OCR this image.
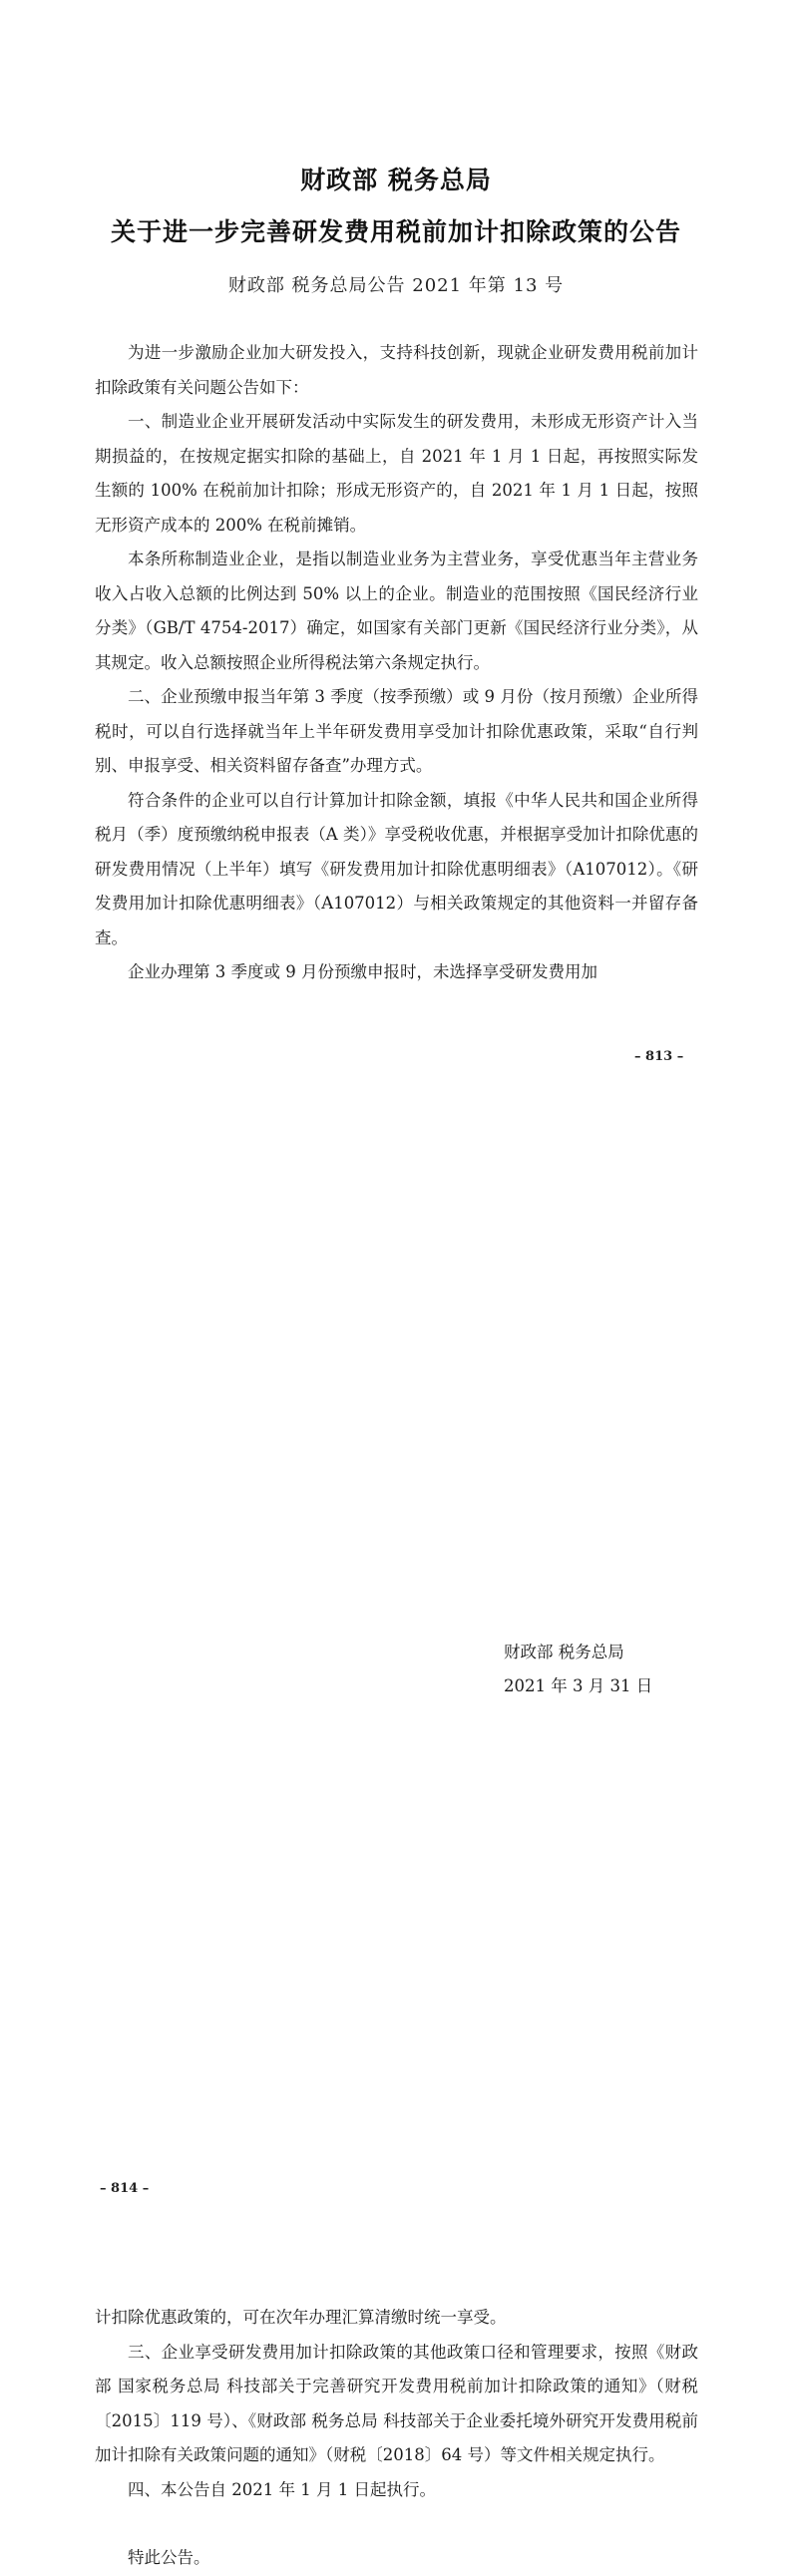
财政部 税务总局
关于进一步完善研发费用税前加计扣除政策的公告
财政部 税务总局公告 2021 年第 13 号

为进一步激励企业加大研发投入，支持科技创新，现就企业研发费用税前加计扣除政策有关问题公告如下：

一、制造业企业开展研发活动中实际发生的研发费用，未形成无形资产计入当期损益的，在按规定据实扣除的基础上，自 2021 年 1 月 1 日起，再按照实际发生额的 100% 在税前加计扣除；形成无形资产的，自 2021 年 1 月 1 日起，按照无形资产成本的 200% 在税前摊销。

本条所称制造业企业，是指以制造业业务为主营业务，享受优惠当年主营业务收入占收入总额的比例达到 50% 以上的企业。制造业的范围按照《国民经济行业分类》（GB/T 4754-2017）确定，如国家有关部门更新《国民经济行业分类》，从其规定。收入总额按照企业所得税法第六条规定执行。

二、企业预缴申报当年第 3 季度（按季预缴）或 9 月份（按月预缴）企业所得税时，可以自行选择就当年上半年研发费用享受加计扣除优惠政策，采取“自行判别、申报享受、相关资料留存备查”办理方式。

符合条件的企业可以自行计算加计扣除金额，填报《中华人民共和国企业所得税月（季）度预缴纳税申报表（A 类）》享受税收优惠，并根据享受加计扣除优惠的研发费用情况（上半年）填写《研发费用加计扣除优惠明细表》（A107012）。《研发费用加计扣除优惠明细表》（A107012）与相关政策规定的其他资料一并留存备查。

企业办理第 3 季度或 9 月份预缴申报时，未选择享受研发费用加

– 813 –

计扣除优惠政策的，可在次年办理汇算清缴时统一享受。

三、企业享受研发费用加计扣除政策的其他政策口径和管理要求，按照《财政部 国家税务总局 科技部关于完善研究开发费用税前加计扣除政策的通知》（财税〔2015〕119 号）、《财政部 税务总局 科技部关于企业委托境外研究开发费用税前加计扣除有关政策问题的通知》（财税〔2018〕64 号）等文件相关规定执行。

四、本公告自 2021 年 1 月 1 日起执行。

特此公告。

财政部 税务总局
2021 年 3 月 31 日
– 814 –
